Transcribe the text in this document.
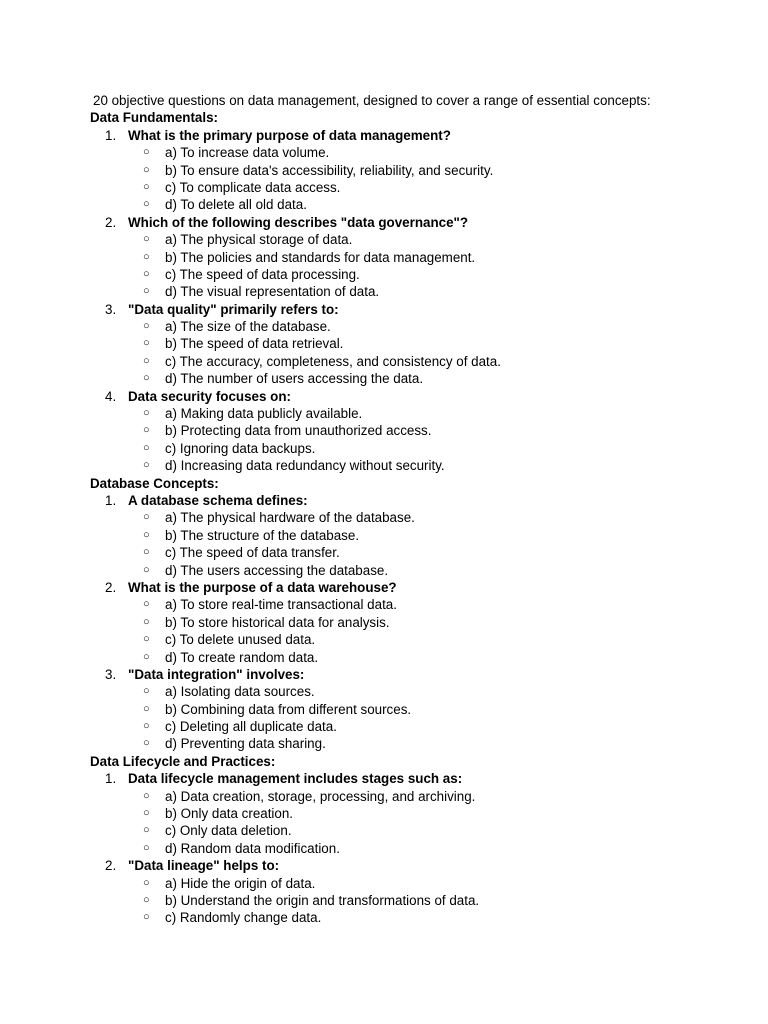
20 objective questions on data management, designed to cover a range of essential concepts:
Data Fundamentals:
1. What is the primary purpose of data management?
○ a) To increase data volume.
○ b) To ensure data's accessibility, reliability, and security.
○ c) To complicate data access.
○ d) To delete all old data.
2. Which of the following describes "data governance"?
○ a) The physical storage of data.
○ b) The policies and standards for data management.
○ c) The speed of data processing.
○ d) The visual representation of data.
3. "Data quality" primarily refers to:
○ a) The size of the database.
○ b) The speed of data retrieval.
○ c) The accuracy, completeness, and consistency of data.
○ d) The number of users accessing the data.
4. Data security focuses on:
○ a) Making data publicly available.
○ b) Protecting data from unauthorized access.
○ c) Ignoring data backups.
○ d) Increasing data redundancy without security.
Database Concepts:
1. A database schema defines:
○ a) The physical hardware of the database.
○ b) The structure of the database.
○ c) The speed of data transfer.
○ d) The users accessing the database.
2. What is the purpose of a data warehouse?
○ a) To store real-time transactional data.
○ b) To store historical data for analysis.
○ c) To delete unused data.
○ d) To create random data.
3. "Data integration" involves:
○ a) Isolating data sources.
○ b) Combining data from different sources.
○ c) Deleting all duplicate data.
○ d) Preventing data sharing.
Data Lifecycle and Practices:
1. Data lifecycle management includes stages such as:
○ a) Data creation, storage, processing, and archiving.
○ b) Only data creation.
○ c) Only data deletion.
○ d) Random data modification.
2. "Data lineage" helps to:
○ a) Hide the origin of data.
○ b) Understand the origin and transformations of data.
○ c) Randomly change data.
